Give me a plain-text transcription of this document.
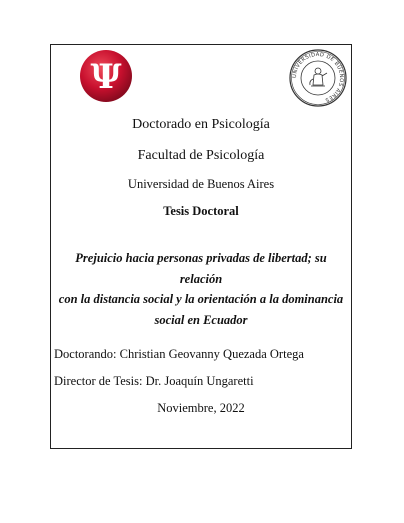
Ψ	UNIVERSIDAD DE BUENOS AIRES
Doctorado en Psicología
Facultad de Psicología
Universidad de Buenos Aires
Tesis Doctoral
Prejuicio hacia personas privadas de libertad; su relación
con la distancia social y la orientación a la dominancia
social en Ecuador
Doctorando: Christian Geovanny Quezada Ortega
Director de Tesis: Dr. Joaquín Ungaretti
Noviembre, 2022
